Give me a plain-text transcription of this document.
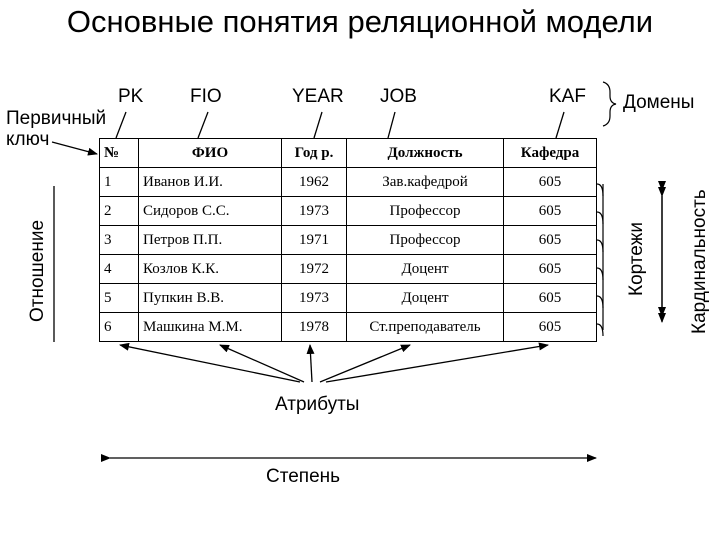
Основные понятия реляционной модели
PK FIO	YEAR JOB	KAF Домены
Первичный
ключ
Отношение	Кортежи Кардинальность
Атрибуты
Степень
№	ФИО	Год р.	Должность	Кафедра
1	Иванов И.И.	1962	Зав.кафедрой	605
2	Сидоров С.С.	1973	Профессор	605
3	Петров П.П.	1971	Профессор	605
4	Козлов К.К.	1972	Доцент	605
5	Пупкин В.В.	1973	Доцент	605
6	Машкина М.М.	1978	Ст.преподаватель	605
